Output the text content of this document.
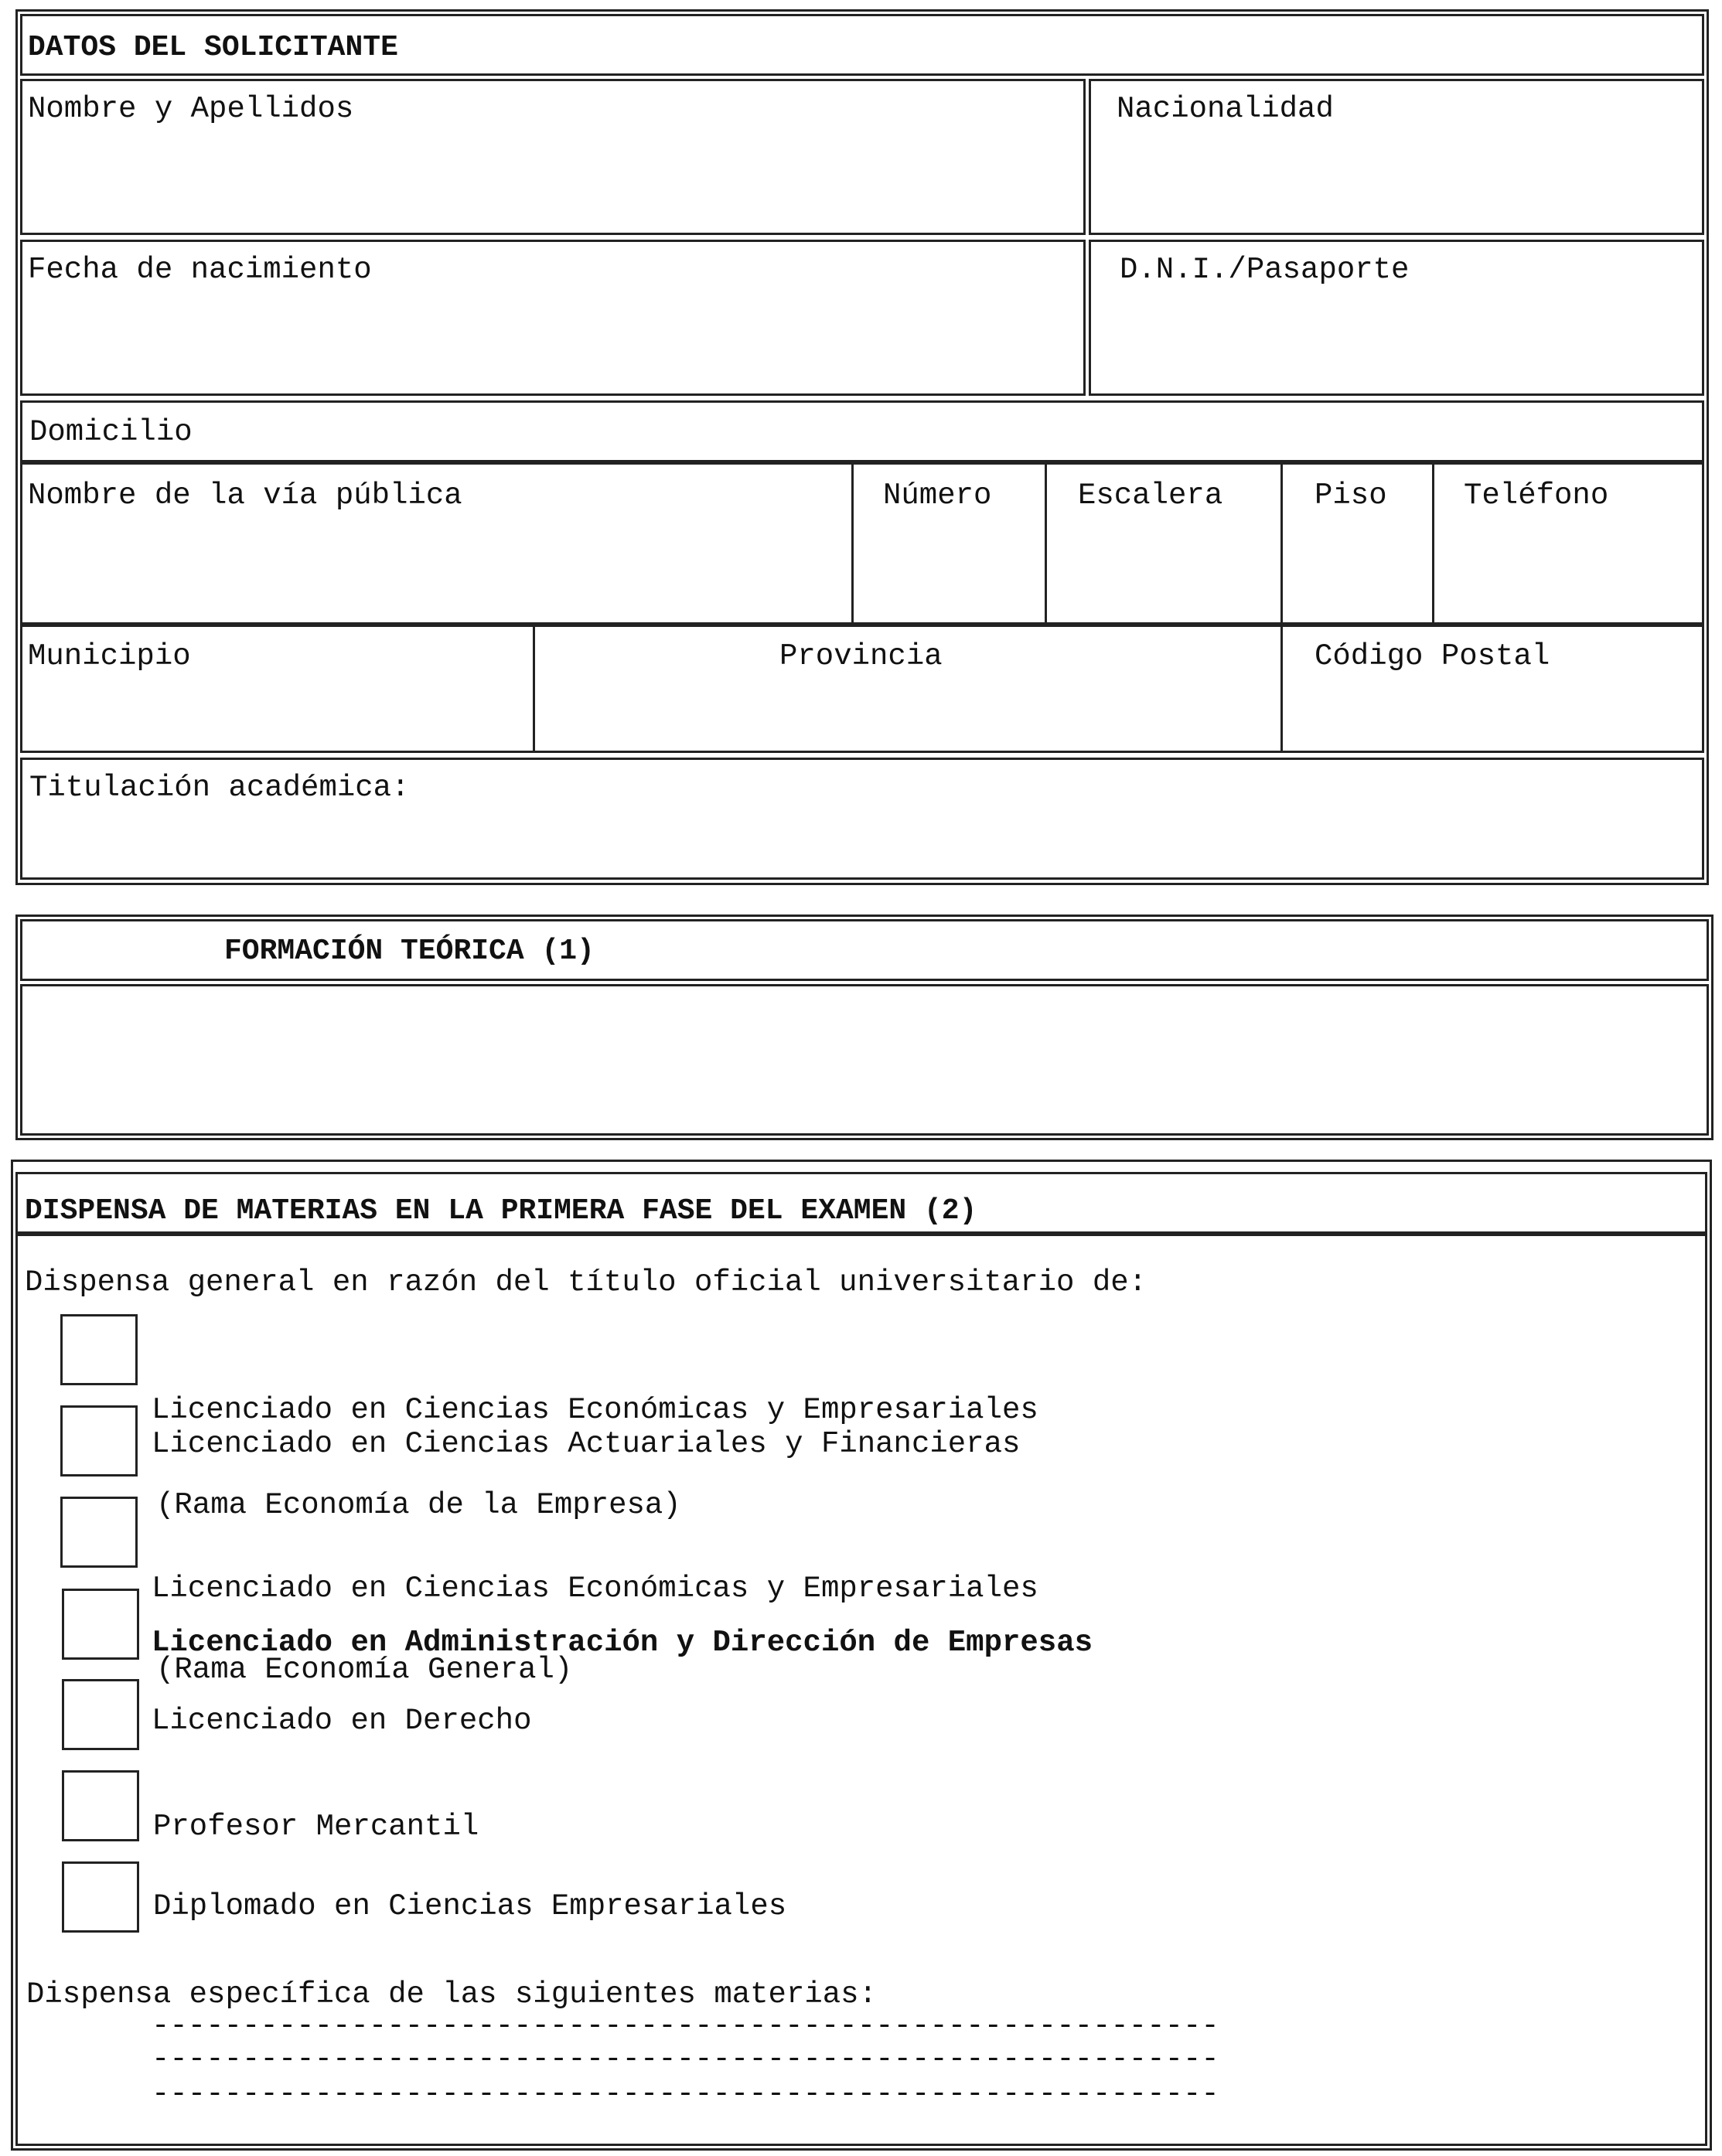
DATOS DEL SOLICITANTE
Nombre y Apellidos	Nacionalidad
Fecha de nacimiento	D.N.I./Pasaporte
Domicilio
Nombre de la vía pública	Número	Escalera	Piso	Teléfono
Municipio	Provincia	Código Postal
Titulación académica:
FORMACIÓN TEÓRICA (1)
DISPENSA DE MATERIAS EN LA PRIMERA FASE DEL EXAMEN (2)
Dispensa general en razón del título oficial universitario de:

Licenciado en Ciencias Económicas y Empresariales

(Rama Economía de la Empresa)

Licenciado en Ciencias Actuariales y Financieras

Licenciado en Ciencias Económicas y Empresariales

(Rama Economía General)

Licenciado en Administración y Dirección de Empresas
Licenciado en Derecho
Profesor Mercantil
Diplomado en Ciencias Empresariales
Dispensa específica de las siguientes materias:
-----------------------------------------------------------
-----------------------------------------------------------
-----------------------------------------------------------
